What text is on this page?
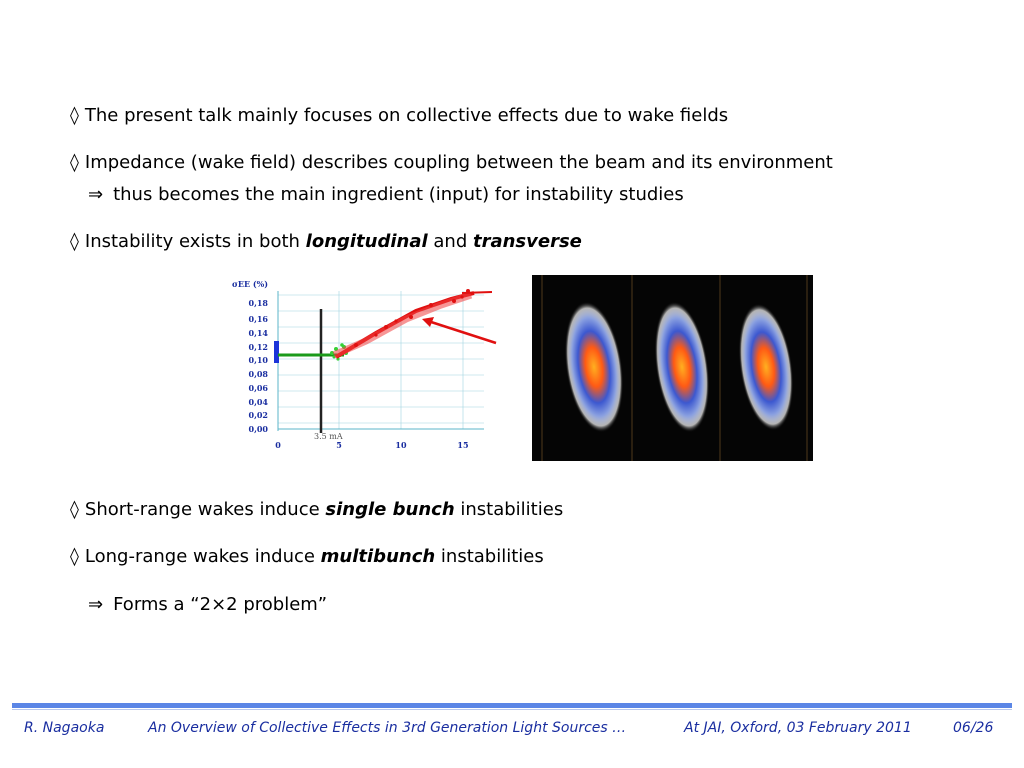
◊ The present talk mainly focuses on collective effects due to wake fields
◊ Impedance (wake field) describes coupling between the beam and its environment
⇒ thus becomes the main ingredient (input) for instability studies
◊ Instability exists in both longitudinal and transverse
σEE (%)
0,18
0,16
0,14
0,12
0,10
0,08
0,06
0,04
0,02
0,00
0	5	10	15
3.5 mA
◊ Short-range wakes induce single bunch instabilities
◊ Long-range wakes induce multibunch instabilities
⇒ Forms a “2×2 problem”
R. Nagaoka	An Overview of Collective Effects in 3rd Generation Light Sources …	At JAI, Oxford, 03 February 2011	06/26
